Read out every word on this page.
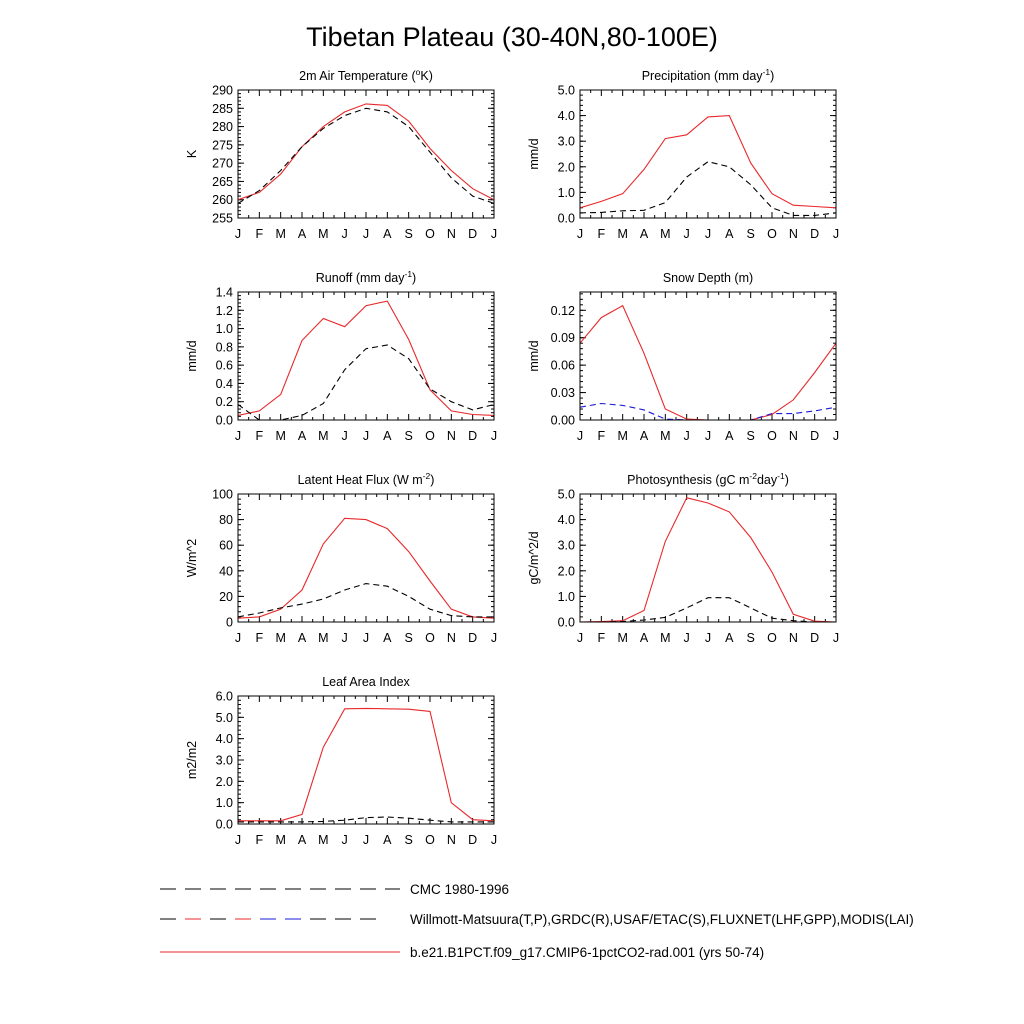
Tibetan Plateau (30-40N,80-100E)
2m Air Temperature (oK)
J F M A M J J A S O N D J
255
260
265
270
275
280
285
290
K
Precipitation (mm day-1)
J F M A M J J A S O N D J
0.0
1.0
2.0
3.0
4.0
5.0
mm/d
Runoff (mm day-1)
J F M A M J J A S O N D J
0.0
0.2
0.4
0.6
0.8
1.0
1.2
1.4
mm/d
Snow Depth (m)
J F M A M J J A S O N D J
0.00
0.03
0.06
0.09
0.12
mm/d
Latent Heat Flux (W m-2)
J F M A M J J A S O N D J
0
20
40
60
80
100
W/m^2
Photosynthesis (gC m-2day-1)
J F M A M J J A S O N D J
0.0
1.0
2.0
3.0
4.0
5.0
gC/m^2/d
Leaf Area Index
J F M A M J J A S O N D J
0.0
1.0
2.0
3.0
4.0
5.0
6.0
m2/m2
CMC 1980-1996
Willmott-Matsuura(T,P),GRDC(R),USAF/ETAC(S),FLUXNET(LHF,GPP),MODIS(LAI)
b.e21.B1PCT.f09_g17.CMIP6-1pctCO2-rad.001 (yrs 50-74)
